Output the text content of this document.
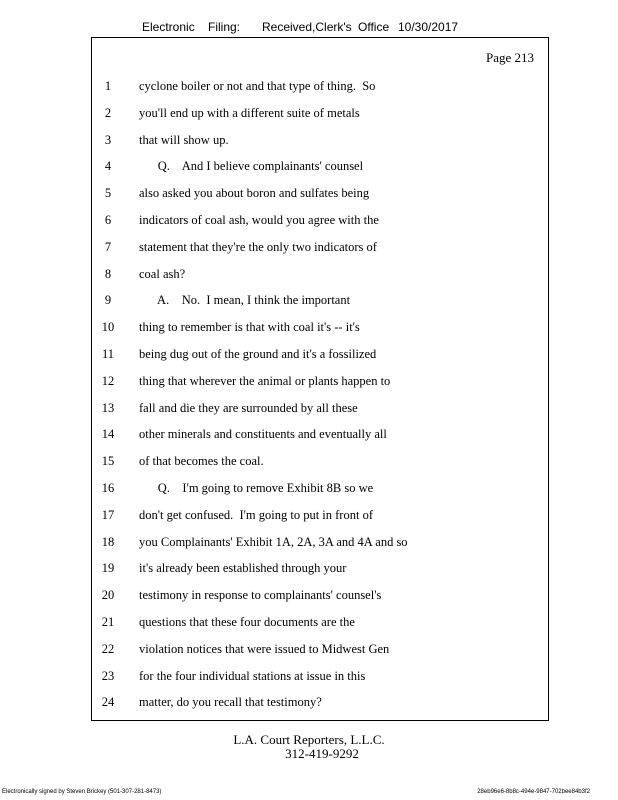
Electronic Filing: Received,Clerk's Office 10/30/2017
Page 213
1	cyclone boiler or not and that type of thing.  So
2	you'll end up with a different suite of metals
3	that will show up.
4	Q.    And I believe complainants' counsel
5	also asked you about boron and sulfates being
6	indicators of coal ash, would you agree with the
7	statement that they're the only two indicators of
8	coal ash?
9	A.    No.  I mean, I think the important
10	thing to remember is that with coal it's -- it's
11	being dug out of the ground and it's a fossilized
12	thing that wherever the animal or plants happen to
13	fall and die they are surrounded by all these
14	other minerals and constituents and eventually all
15	of that becomes the coal.
16	Q.    I'm going to remove Exhibit 8B so we
17	don't get confused.  I'm going to put in front of
18	you Complainants' Exhibit 1A, 2A, 3A and 4A and so
19	it's already been established through your
20	testimony in response to complainants' counsel's
21	questions that these four documents are the
22	violation notices that were issued to Midwest Gen
23	for the four individual stations at issue in this
24	matter, do you recall that testimony?
L.A. Court Reporters, L.L.C.
312-419-9292
Electronically signed by Steven Brickey (501-307-281-8473)	28eb96e6-8b8c-494e-9847-702bee84b3f2
